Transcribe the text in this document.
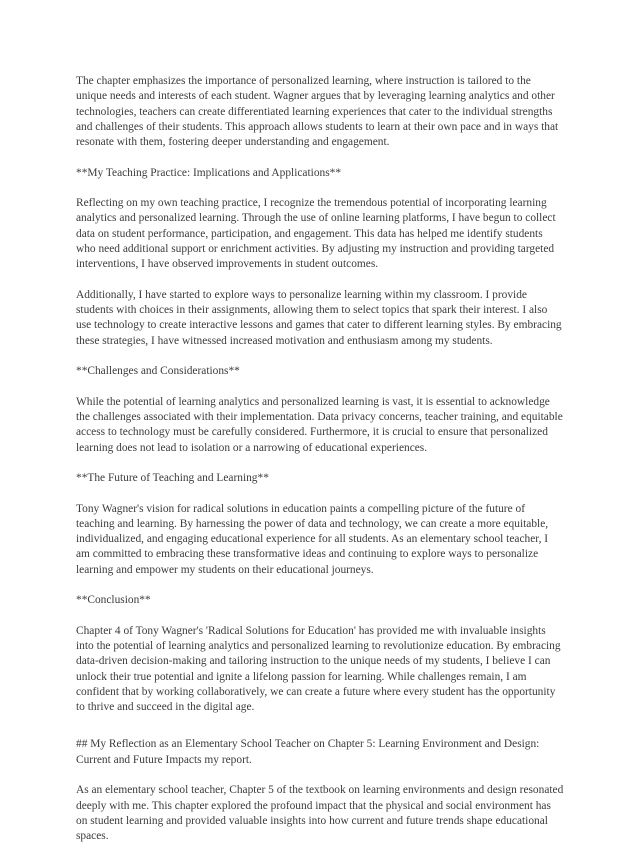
The chapter emphasizes the importance of personalized learning, where instruction is tailored to the unique needs and interests of each student. Wagner argues that by leveraging learning analytics and other technologies, teachers can create differentiated learning experiences that cater to the individual strengths and challenges of their students. This approach allows students to learn at their own pace and in ways that resonate with them, fostering deeper understanding and engagement.

**My Teaching Practice: Implications and Applications**

Reflecting on my own teaching practice, I recognize the tremendous potential of incorporating learning analytics and personalized learning. Through the use of online learning platforms, I have begun to collect data on student performance, participation, and engagement. This data has helped me identify students who need additional support or enrichment activities. By adjusting my instruction and providing targeted interventions, I have observed improvements in student outcomes.

Additionally, I have started to explore ways to personalize learning within my classroom. I provide students with choices in their assignments, allowing them to select topics that spark their interest. I also use technology to create interactive lessons and games that cater to different learning styles. By embracing these strategies, I have witnessed increased motivation and enthusiasm among my students.

**Challenges and Considerations**

While the potential of learning analytics and personalized learning is vast, it is essential to acknowledge the challenges associated with their implementation. Data privacy concerns, teacher training, and equitable access to technology must be carefully considered. Furthermore, it is crucial to ensure that personalized learning does not lead to isolation or a narrowing of educational experiences.

**The Future of Teaching and Learning**

Tony Wagner's vision for radical solutions in education paints a compelling picture of the future of teaching and learning. By harnessing the power of data and technology, we can create a more equitable, individualized, and engaging educational experience for all students. As an elementary school teacher, I am committed to embracing these transformative ideas and continuing to explore ways to personalize learning and empower my students on their educational journeys.

**Conclusion**

Chapter 4 of Tony Wagner's 'Radical Solutions for Education' has provided me with invaluable insights into the potential of learning analytics and personalized learning to revolutionize education. By embracing data-driven decision-making and tailoring instruction to the unique needs of my students, I believe I can unlock their true potential and ignite a lifelong passion for learning. While challenges remain, I am confident that by working collaboratively, we can create a future where every student has the opportunity to thrive and succeed in the digital age.

## My Reflection as an Elementary School Teacher on Chapter 5: Learning Environment and Design: Current and Future Impacts my report.

As an elementary school teacher, Chapter 5 of the textbook on learning environments and design resonated deeply with me. This chapter explored the profound impact that the physical and social environment has on student learning and provided valuable insights into how current and future trends shape educational spaces.
